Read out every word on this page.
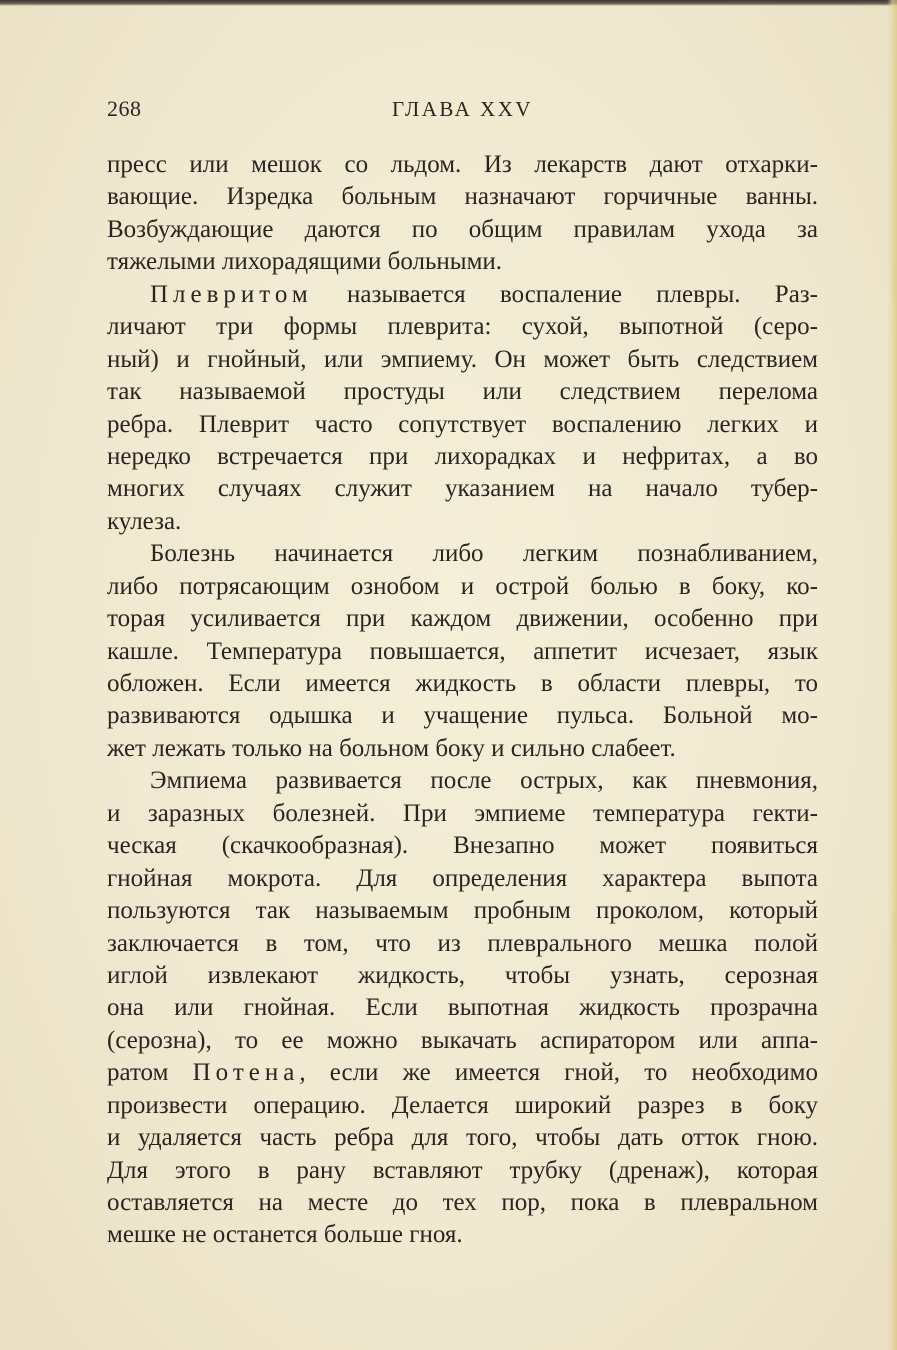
268	ГЛАВА XXV
пресс или мешок со льдом. Из лекарств дают отхарки-
вающие. Изредка больным назначают горчичные ванны.
Возбуждающие даются по общим правилам ухода за
тяжелыми лихорадящими больными.
Плевритом называется воспаление плевры. Раз-
личают три формы плеврита: сухой, выпотной (серо-
ный) и гнойный, или эмпиему. Он может быть следствием
так называемой простуды или следствием перелома
ребра. Плеврит часто сопутствует воспалению легких и
нередко встречается при лихорадках и нефритах, а во
многих случаях служит указанием на начало тубер-
кулеза.
Болезнь начинается либо легким познабливанием,
либо потрясающим ознобом и острой болью в боку, ко-
торая усиливается при каждом движении, особенно при
кашле. Температура повышается, аппетит исчезает, язык
обложен. Если имеется жидкость в области плевры, то
развиваются одышка и учащение пульса. Больной мо-
жет лежать только на больном боку и сильно слабеет.
Эмпиема развивается после острых, как пневмония,
и заразных болезней. При эмпиеме температура гекти-
ческая (скачкообразная). Внезапно может появиться
гнойная мокрота. Для определения характера выпота
пользуются так называемым пробным проколом, который
заключается в том, что из плеврального мешка полой
иглой извлекают жидкость, чтобы узнать, серозная
она или гнойная. Если выпотная жидкость прозрачна
(серозна), то ее можно выкачать аспиратором или аппа-
ратом Потена, если же имеется гной, то необходимо
произвести операцию. Делается широкий разрез в боку
и удаляется часть ребра для того, чтобы дать отток гною.
Для этого в рану вставляют трубку (дренаж), которая
оставляется на месте до тех пор, пока в плевральном
мешке не останется больше гноя.
